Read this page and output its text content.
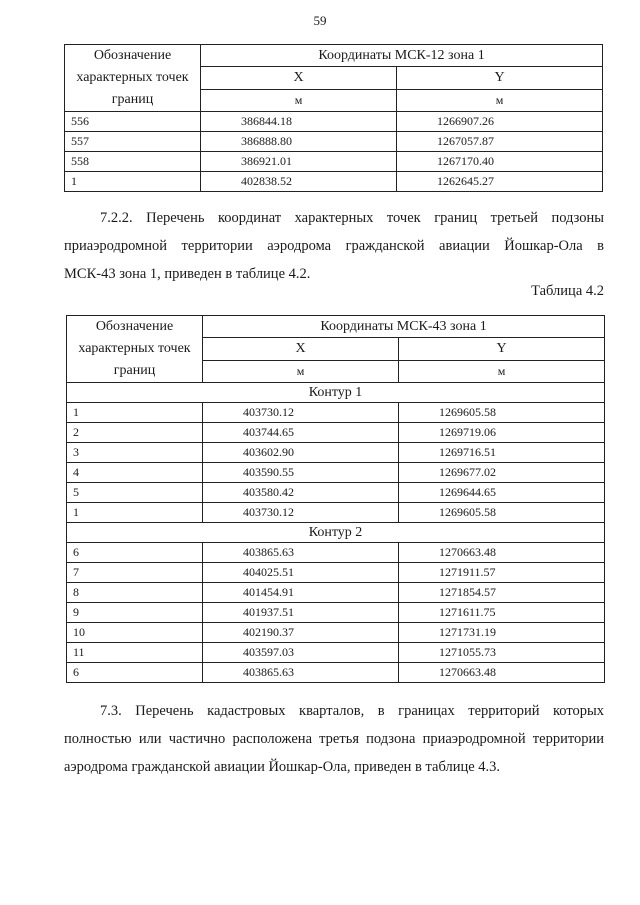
59
Обозначение характерных точек границ	Координаты МСК-12 зона 1	
	X	Y
	м	м
556	386844.18	1266907.26
557	386888.80	1267057.87
558	386921.01	1267170.40
1	402838.52	1262645.27
7.2.2. Перечень координат характерных точек границ третьей подзоны
приаэродромной территории аэродрома гражданской авиации Йошкар-Ола в
МСК-43 зона 1, приведен в таблице 4.2.
Таблица 4.2
Обозначение характерных точек границ	Координаты МСК-43 зона 1	
	X	Y
	м	м
Контур 1		
1	403730.12	1269605.58
2	403744.65	1269719.06
3	403602.90	1269716.51
4	403590.55	1269677.02
5	403580.42	1269644.65
1	403730.12	1269605.58
Контур 2		
6	403865.63	1270663.48
7	404025.51	1271911.57
8	401454.91	1271854.57
9	401937.51	1271611.75
10	402190.37	1271731.19
11	403597.03	1271055.73
6	403865.63	1270663.48
7.3. Перечень кадастровых кварталов, в границах территорий которых
полностью или частично расположена третья подзона приаэродромной территории
аэродрома гражданской авиации Йошкар-Ола, приведен в таблице 4.3.
